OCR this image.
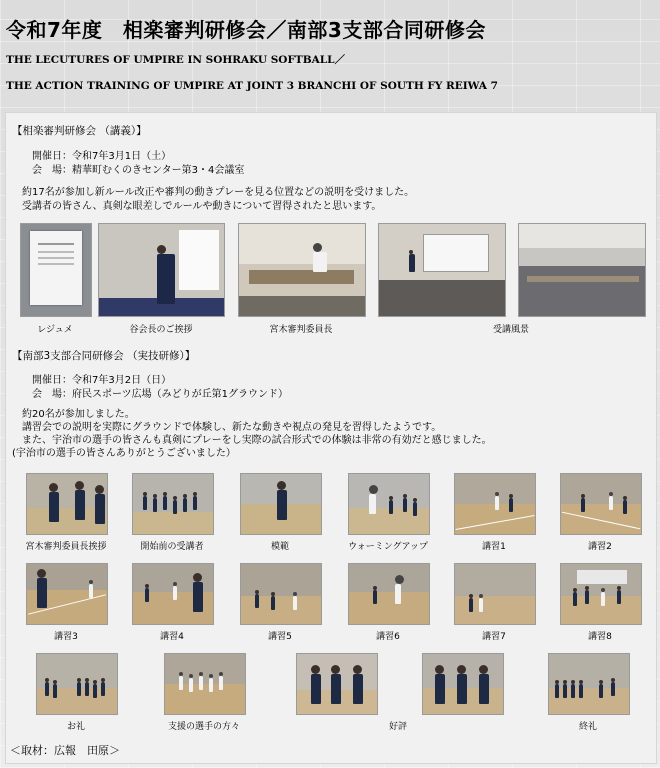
令和7年度　相楽審判研修会／南部3支部合同研修会
THE LECUTURES OF UMPIRE IN SOHRAKU SOFTBALL／
THE ACTION TRAINING OF UMPIRE AT JOINT 3 BRANCHI OF SOUTH FY REIWA 7
【相楽審判研修会 （講義）】
開催日：令和7年3月1日（土）
会　場：精華町むくのきセンター第3・4会議室
約17名が参加し新ルール改正や審判の動きプレーを見る位置などの説明を受けました。
受講者の皆さん、真剣な眼差しでルールや動きについて習得されたと思います。
レジュメ	谷会長のご挨拶	宮木審判委員長	受講風景
【南部3支部合同研修会 （実技研修）】
開催日：令和7年3月2日（日）
会　場：府民スポーツ広場（みどりが丘第1グラウンド）
約20名が参加しました。
講習会での説明を実際にグラウンドで体験し、新たな動きや視点の発見を習得したようです。
また、宇治市の選手の皆さんも真剣にプレーをし実際の試合形式での体験は非常の有効だと感じました。
(宇治市の選手の皆さんありがとうございました）
宮木審判委員長挨拶	開始前の受講者	模範	ウォーミングアップ	講習1	講習2
講習3	講習4	講習5	講習6	講習7	講習8
お礼	支援の選手の方々	好評	終礼
＜取材：広報　田原＞
